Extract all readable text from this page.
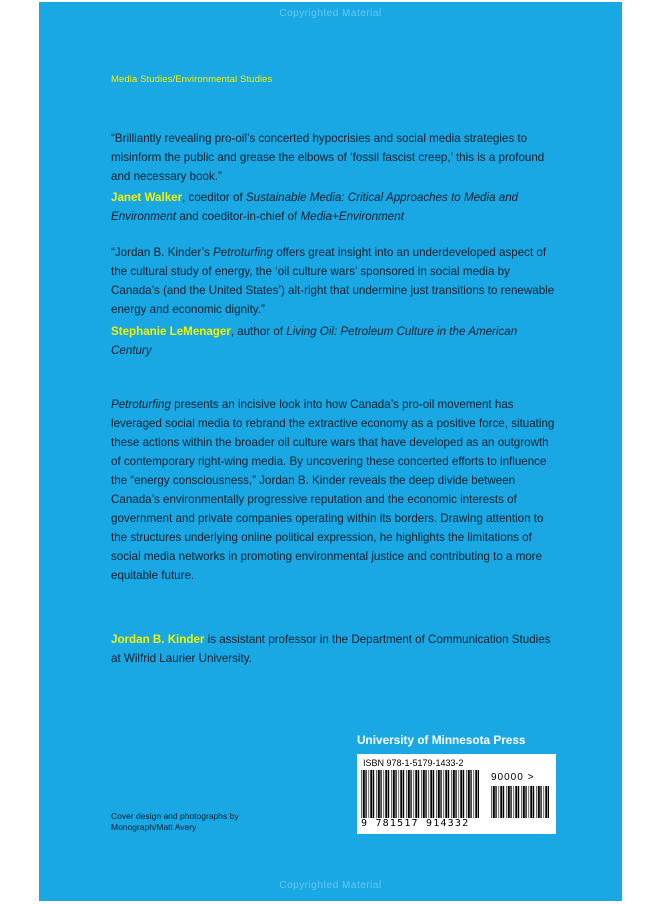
Copyrighted Material
Media Studies/Environmental Studies
“Brilliantly revealing pro-oil’s concerted hypocrisies and social media strategies to misinform the public and grease the elbows of ‘fossil fascist creep,’ this is a profound and necessary book.”
Janet Walker, coeditor of Sustainable Media: Critical Approaches to Media and Environment and coeditor-in-chief of Media+Environment
“Jordan B. Kinder’s Petroturfing offers great insight into an underdeveloped aspect of the cultural study of energy, the ‘oil culture wars’ sponsored in social media by Canada’s (and the United States’) alt-right that undermine just transitions to renewable energy and economic dignity.”
Stephanie LeMenager, author of Living Oil: Petroleum Culture in the American Century
Petroturfing presents an incisive look into how Canada’s pro-oil movement has leveraged social media to rebrand the extractive economy as a positive force, situating these actions within the broader oil culture wars that have developed as an outgrowth of contemporary right-wing media. By uncovering these concerted efforts to influence the “energy consciousness,” Jordan B. Kinder reveals the deep divide between Canada’s environmentally progressive reputation and the economic interests of government and private companies operating within its borders. Drawing attention to the structures underlying online political expression, he highlights the limitations of social media networks in promoting environmental justice and contributing to a more equitable future.
Jordan B. Kinder is assistant professor in the Department of Communication Studies at Wilfrid Laurier University.
University of Minnesota Press
ISBN 978-1-5179-1433-2
90000 >
9 781517 914332
Cover design and photographs by
Monograph/Matt Avery
Copyrighted Material
